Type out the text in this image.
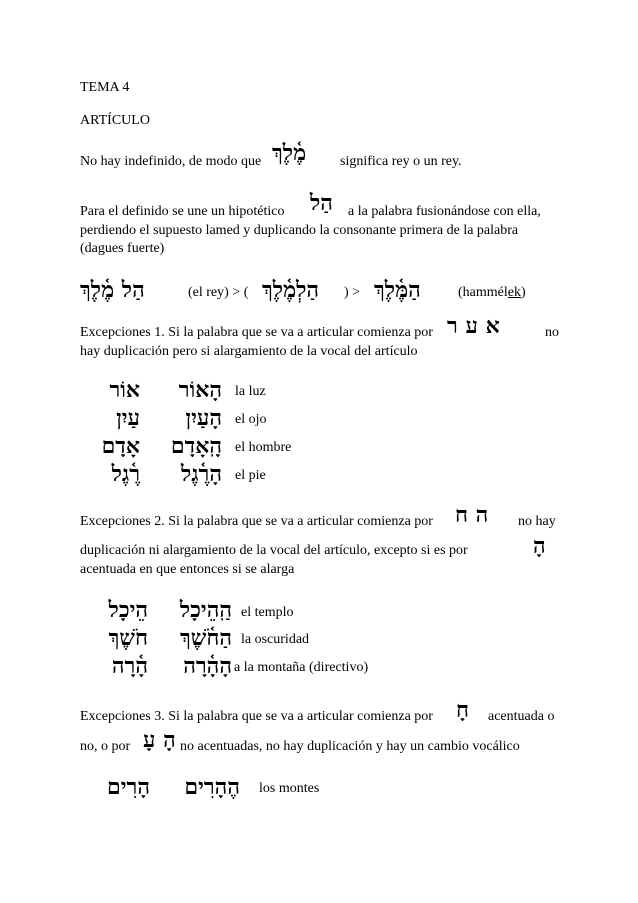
TEMA 4
ARTÍCULO
No hay indefinido, de modo que מֶ֫לֶךְ significa rey o un rey.
Para el definido se une un hipotético הַל a la palabra fusionándose con ella,
perdiendo el supuesto lamed y duplicando la consonante primera de la palabra
(dagues fuerte)
הַל מֶ֫לֶךְ	(el rey) > ( הַלְמֶ֫לֶךְ ) > הַמֶּ֫לֶךְ	(hammélek)
Excepciones 1. Si la palabra que se va a articular comienza por א ע ר	no
hay duplicación pero si alargamiento de la vocal del artículo
אוֹר	הָאוֹר la luz
עַיִן	הָעַיִן el ojo
אָדָם	הָֽאָדָם el hombre
רֶ֫גֶל	הָרֶ֫גֶל el pie
Excepciones 2. Si la palabra que se va a articular comienza por ה ח no hay
duplicación ni alargamiento de la vocal del artículo, excepto si es por	הָ
acentuada en que entonces si se alarga
הֵיכָל	הַֽהֵיכָל el templo
חֹשֶׁךְ	הַחֹ֫שֶׁךְ la oscuridad
הָ֫רָה	הָהָ֫רָה a la montaña (directivo)
Excepciones 3. Si la palabra que se va a articular comienza por חָ acentuada o
no, o por הָ עָ no acentuadas, no hay duplicación y hay un cambio vocálico
הָרִים	הֶהָרִים los montes
